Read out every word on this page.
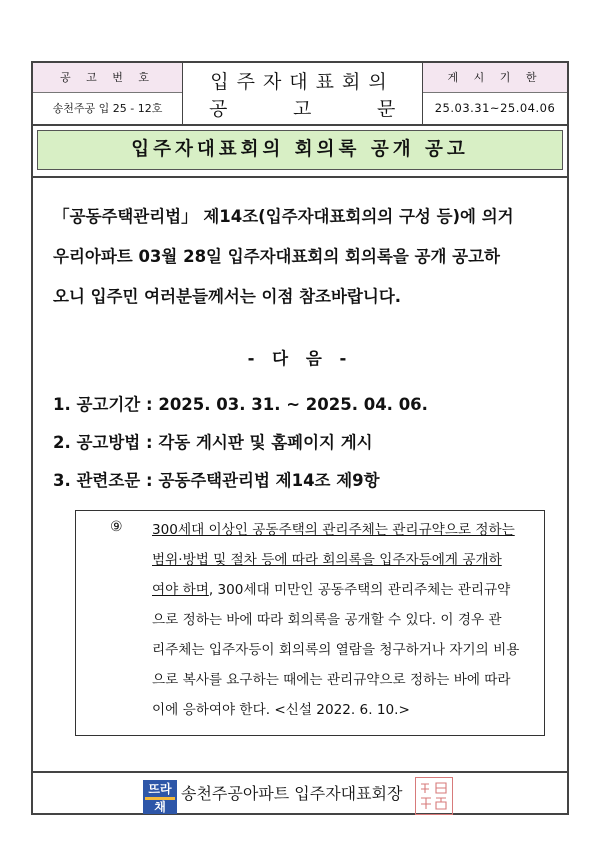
공 고 번 호
송천주공 입 25 - 12호
입주자대표회의
공	고	문
게 시 기 한
25.03.31~25.04.06
입주자대표회의 회의록 공개 공고
「공동주택관리법」 제14조(입주자대표회의의 구성 등)에 의거
우리아파트 03월 28일 입주자대표회의 회의록을 공개 공고하
오니 입주민 여러분들께서는 이점 참조바랍니다.
- 다 음 -
1. 공고기간 : 2025. 03. 31. ~ 2025. 04. 06.
2. 공고방법 : 각동 게시판 및 홈페이지 게시
3. 관련조문 : 공동주택관리법 제14조 제9항
⑨ 300세대 이상인 공동주택의 관리주체는 관리규약으로 정하는
범위·방법 및 절차 등에 따라 회의록을 입주자등에게 공개하
여야 하며, 300세대 미만인 공동주택의 관리주체는 관리규약
으로 정하는 바에 따라 회의록을 공개할 수 있다. 이 경우 관
리주체는 입주자등이 회의록의 열람을 청구하거나 자기의 비용
으로 복사를 요구하는 때에는 관리규약으로 정하는 바에 따라
이에 응하여야 한다. <신설 2022. 6. 10.>
뜨라
채
송천주공아파트 입주자대표회장
